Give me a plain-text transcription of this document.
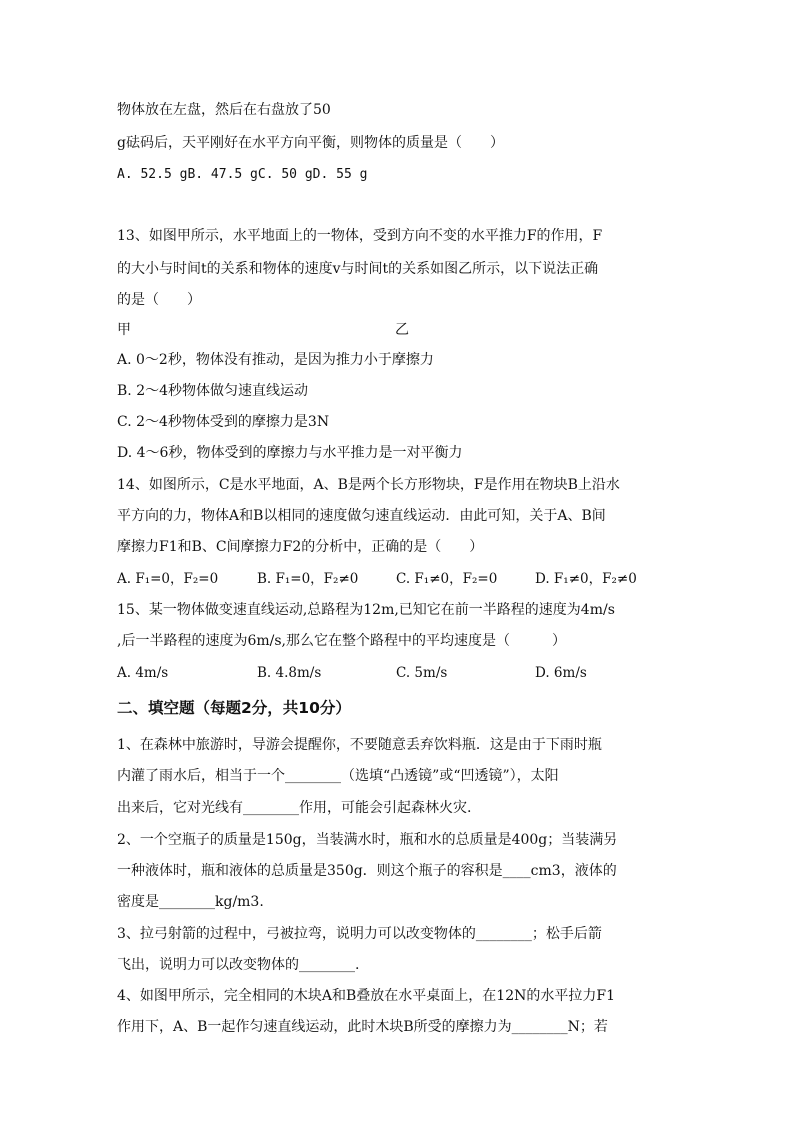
物体放在左盘，然后在右盘放了50
g砝码后，天平刚好在水平方向平衡，则物体的质量是（　　）
A. 52.5 gB. 47.5 gC. 50 gD. 55 g
13、如图甲所示，水平地面上的一物体，受到方向不变的水平推力F的作用，F
的大小与时间t的关系和物体的速度v与时间t的关系如图乙所示，以下说法正确
的是（　　）
甲	乙
A. 0～2秒，物体没有推动，是因为推力小于摩擦力
B. 2～4秒物体做匀速直线运动
C. 2～4秒物体受到的摩擦力是3N
D. 4～6秒，物体受到的摩擦力与水平推力是一对平衡力
14、如图所示，C是水平地面，A、B是两个长方形物块，F是作用在物块B上沿水
平方向的力，物体A和B以相同的速度做匀速直线运动．由此可知，关于A、B间
摩擦力F1和B、C间摩擦力F2的分析中，正确的是（　　）
A. F₁=0，F₂=0	B. F₁=0，F₂≠0	C. F₁≠0，F₂=0	D. F₁≠0，F₂≠0
15、某一物体做变速直线运动,总路程为12m,已知它在前一半路程的速度为4m/s
,后一半路程的速度为6m/s,那么它在整个路程中的平均速度是（　　　）
A. 4m/s	B. 4.8m/s	C. 5m/s	D. 6m/s
二、填空题（每题2分，共10分）
1、在森林中旅游时，导游会提醒你，不要随意丢弃饮料瓶．这是由于下雨时瓶
内灌了雨水后，相当于一个________（选填“凸透镜”或“凹透镜”），太阳
出来后，它对光线有________作用，可能会引起森林火灾.
2、一个空瓶子的质量是150g，当装满水时，瓶和水的总质量是400g；当装满另
一种液体时，瓶和液体的总质量是350g．则这个瓶子的容积是____cm3，液体的
密度是________kg/m3.
3、拉弓射箭的过程中，弓被拉弯，说明力可以改变物体的________；松手后箭
飞出，说明力可以改变物体的________.
4、如图甲所示，完全相同的木块A和B叠放在水平桌面上，在12N的水平拉力F1
作用下，A、B一起作匀速直线运动，此时木块B所受的摩擦力为________N；若
